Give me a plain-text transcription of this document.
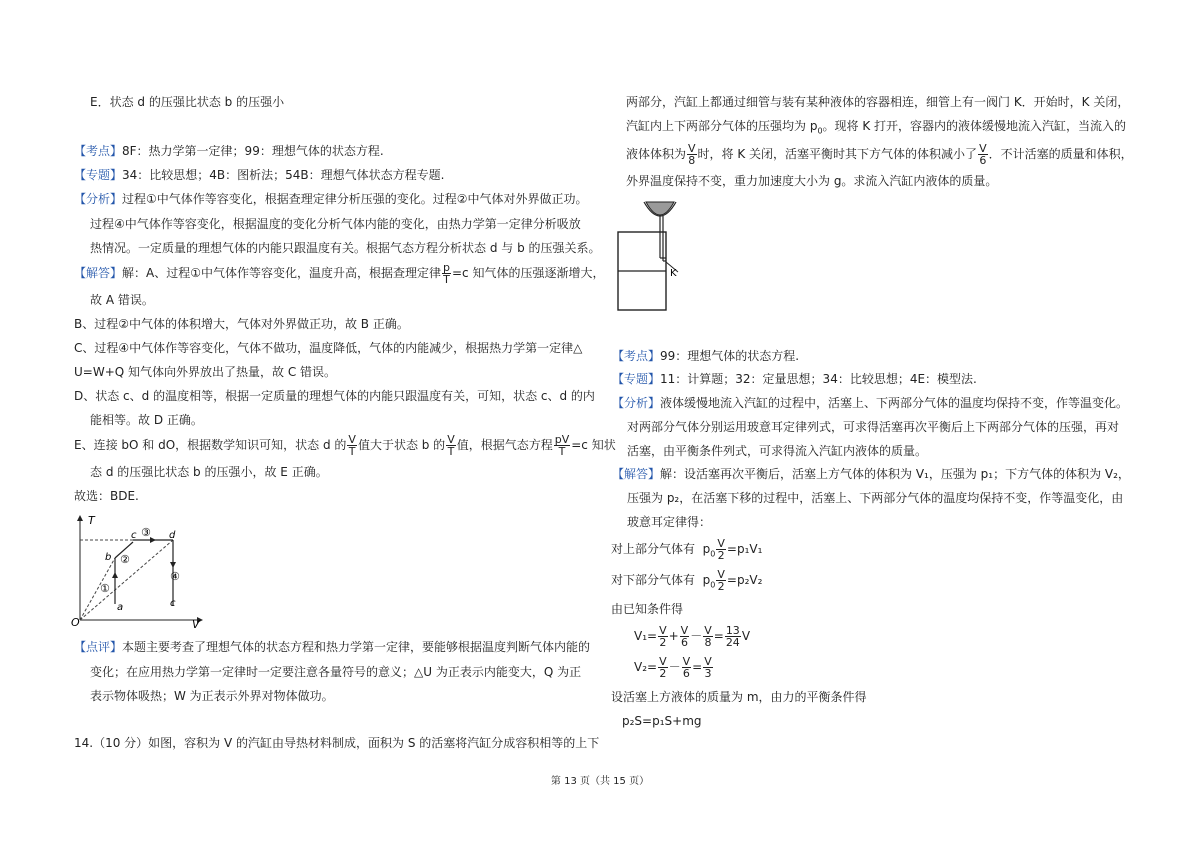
E．状态 d 的压强比状态 b 的压强小
【考点】8F：热力学第一定律；99：理想气体的状态方程.
【专题】34：比较思想；4B：图析法；54B：理想气体状态方程专题.
【分析】过程①中气体作等容变化，根据查理定律分析压强的变化。过程②中气体对外界做正功。
过程④中气体作等容变化，根据温度的变化分析气体内能的变化，由热力学第一定律分析吸放
热情况。一定质量的理想气体的内能只跟温度有关。根据气态方程分析状态 d 与 b 的压强关系。
【解答】解：A、过程①中气体作等容变化，温度升高，根据查理定律 $\frac{p}{T} =c$ 知气体的压强逐渐增大，
故 A 错误。
B、过程②中气体的体积增大，气体对外界做正功，故 B 正确。
C、过程④中气体作等容变化，气体不做功，温度降低，气体的内能减少，根据热力学第一定律△
U=W+Q 知气体向外界放出了热量，故 C 错误。
D、状态 c、d 的温度相等，根据一定质量的理想气体的内能只跟温度有关，可知，状态 c、d 的内
能相等。故 D 正确。
E、连接 bO 和 dO，根据数学知识可知，状态 d 的 $\frac{V}{T}$ 值大于状态 b 的 $\frac{V}{T}$ 值，根据气态方程 $\frac{pV}{T} =c$ 知状
态 d 的压强比状态 b 的压强小，故 E 正确。
故选：BDE.
T
V
O
a
b
c	d
c
①
②
③
④
【点评】本题主要考查了理想气体的状态方程和热力学第一定律，要能够根据温度判断气体内能的
变化；在应用热力学第一定律时一定要注意各量符号的意义；△U 为正表示内能变大，Q 为正
表示物体吸热；W 为正表示外界对物体做功。
14.（10 分）如图，容积为 V 的汽缸由导热材料制成，面积为 S 的活塞将汽缸分成容积相等的上下
两部分，汽缸上都通过细管与装有某种液体的容器相连，细管上有一阀门 K．开始时，K 关闭，
汽缸内上下两部分气体的压强均为 $p_0$。现将 K 打开，容器内的液体缓慢地流入汽缸，当流入的
液体体积为 $\frac{V}{8}$ 时，将 K 关闭，活塞平衡时其下方气体的体积减小了 $\frac{V}{6}$ ．不计活塞的质量和体积，
外界温度保持不变，重力加速度大小为 g。求流入汽缸内液体的质量。
K
【考点】99：理想气体的状态方程.
【专题】11：计算题；32：定量思想；34：比较思想；4E：模型法.
【分析】液体缓慢地流入汽缸的过程中，活塞上、下两部分气体的温度均保持不变，作等温变化。
对两部分气体分别运用玻意耳定律列式，可求得活塞再次平衡后上下两部分气体的压强，再对
活塞，由平衡条件列式，可求得流入汽缸内液体的质量。
【解答】解：设活塞再次平衡后，活塞上方气体的体积为 V₁，压强为 p₁；下方气体的体积为 V₂，
压强为 p₂，在活塞下移的过程中，活塞上、下两部分气体的温度均保持不变，作等温变化，由
玻意耳定律得：
对上部分气体有 $p_0 \frac{V}{2} =p_1V_1$
对下部分气体有 $p_0 \frac{V}{2} =p_2V_2$
由已知条件得
$V_1= \frac{V}{2} + \frac{V}{6} - \frac{V}{8} = \frac{13}{24}$ V
$V_2= \frac{V}{2} - \frac{V}{6} = \frac{V}{3}$
设活塞上方液体的质量为 m，由力的平衡条件得
p₂S=p₁S+mg
第 13 页（共 15 页）
